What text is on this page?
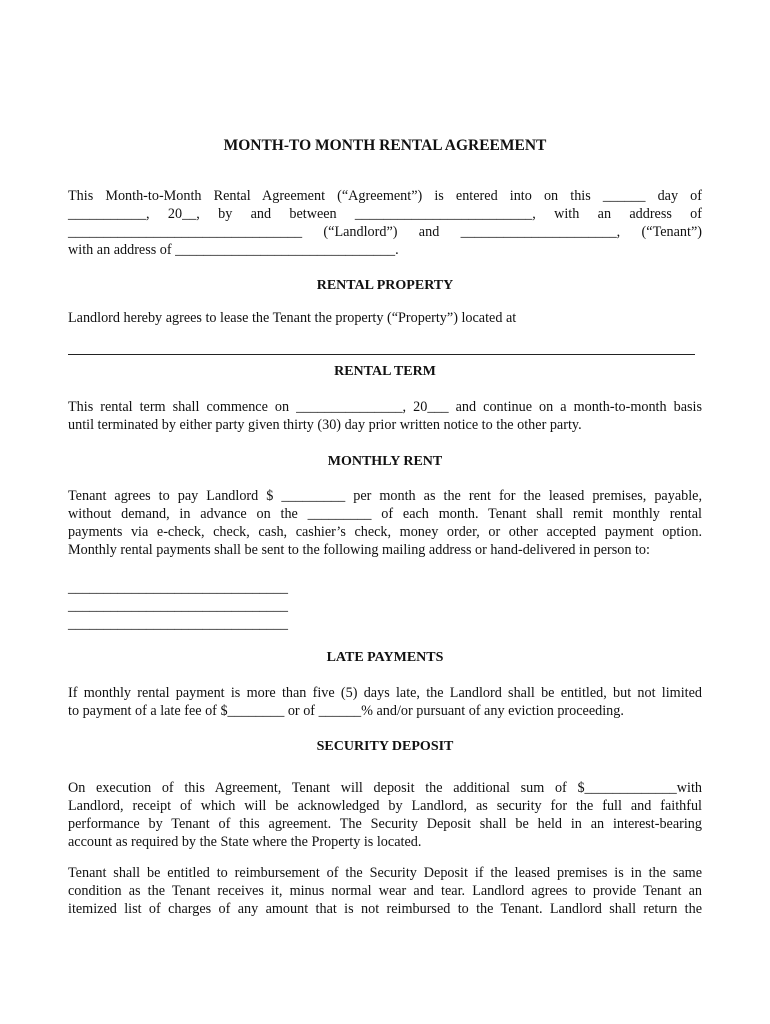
MONTH-TO MONTH RENTAL AGREEMENT
This Month-to-Month Rental Agreement (“Agreement”) is entered into on this ______ day of
___________, 20__, by and between _________________________, with an address of
_________________________________ (“Landlord”) and ______________________, (“Tenant”)
with an address of _______________________________.
RENTAL PROPERTY
Landlord hereby agrees to lease the Tenant the property (“Property”) located at
RENTAL TERM
This rental term shall commence on _______________, 20___ and continue on a month-to-month basis
until terminated by either party given thirty (30) day prior written notice to the other party.
MONTHLY RENT
Tenant agrees to pay Landlord $ _________ per month as the rent for the leased premises, payable,
without demand, in advance on the _________ of each month. Tenant shall remit monthly rental
payments via e-check, check, cash, cashier’s check, money order, or other accepted payment option.
Monthly rental payments shall be sent to the following mailing address or hand-delivered in person to:
_______________________________
_______________________________
_______________________________
LATE PAYMENTS
If monthly rental payment is more than five (5) days late, the Landlord shall be entitled, but not limited
to payment of a late fee of $________ or of ______% and/or pursuant of any eviction proceeding.
SECURITY DEPOSIT
On execution of this Agreement, Tenant will deposit the additional sum of $_____________with
Landlord, receipt of which will be acknowledged by Landlord, as security for the full and faithful
performance by Tenant of this agreement. The Security Deposit shall be held in an interest-bearing
account as required by the State where the Property is located.
Tenant shall be entitled to reimbursement of the Security Deposit if the leased premises is in the same
condition as the Tenant receives it, minus normal wear and tear. Landlord agrees to provide Tenant an
itemized list of charges of any amount that is not reimbursed to the Tenant. Landlord shall return the
